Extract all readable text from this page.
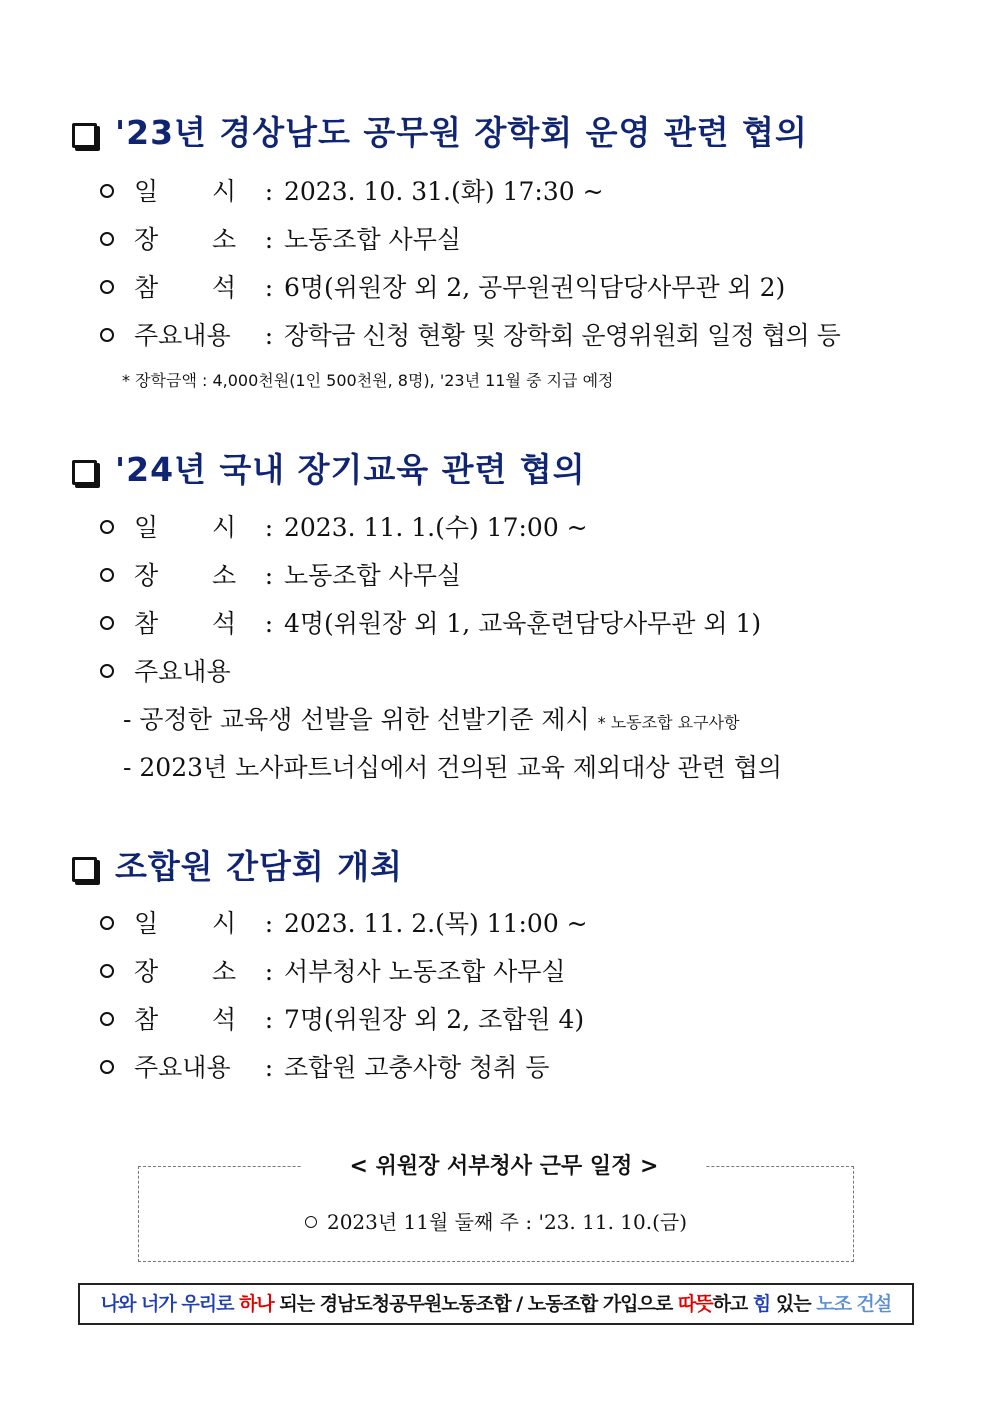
'23년 경상남도 공무원 장학회 운영 관련 협의
일 시 : 2023. 10. 31.(화) 17:30 ~
장 소 : 노동조합 사무실
참 석 : 6명(위원장 외 2, 공무원권익담당사무관 외 2)
주요내용 : 장학금 신청 현황 및 장학회 운영위원회 일정 협의 등
* 장학금액 : 4,000천원(1인 500천원, 8명), '23년 11월 중 지급 예정
'24년 국내 장기교육 관련 협의
일 시 : 2023. 11. 1.(수) 17:00 ~
장 소 : 노동조합 사무실
참 석 : 4명(위원장 외 1, 교육훈련담당사무관 외 1)
주요내용
- 공정한 교육생 선발을 위한 선발기준 제시 * 노동조합 요구사항
- 2023년 노사파트너십에서 건의된 교육 제외대상 관련 협의
조합원 간담회 개최
일 시 : 2023. 11. 2.(목) 11:00 ~
장 소 : 서부청사 노동조합 사무실
참 석 : 7명(위원장 외 2, 조합원 4)
주요내용 : 조합원 고충사항 청취 등
< 위원장 서부청사 근무 일정 >
2023년 11월 둘째 주 : '23. 11. 10.(금)
나와 너가 우리로 하나 되는 경남도청공무원노동조합 / 노동조합 가입으로 따뜻하고 힘 있는 노조 건설
